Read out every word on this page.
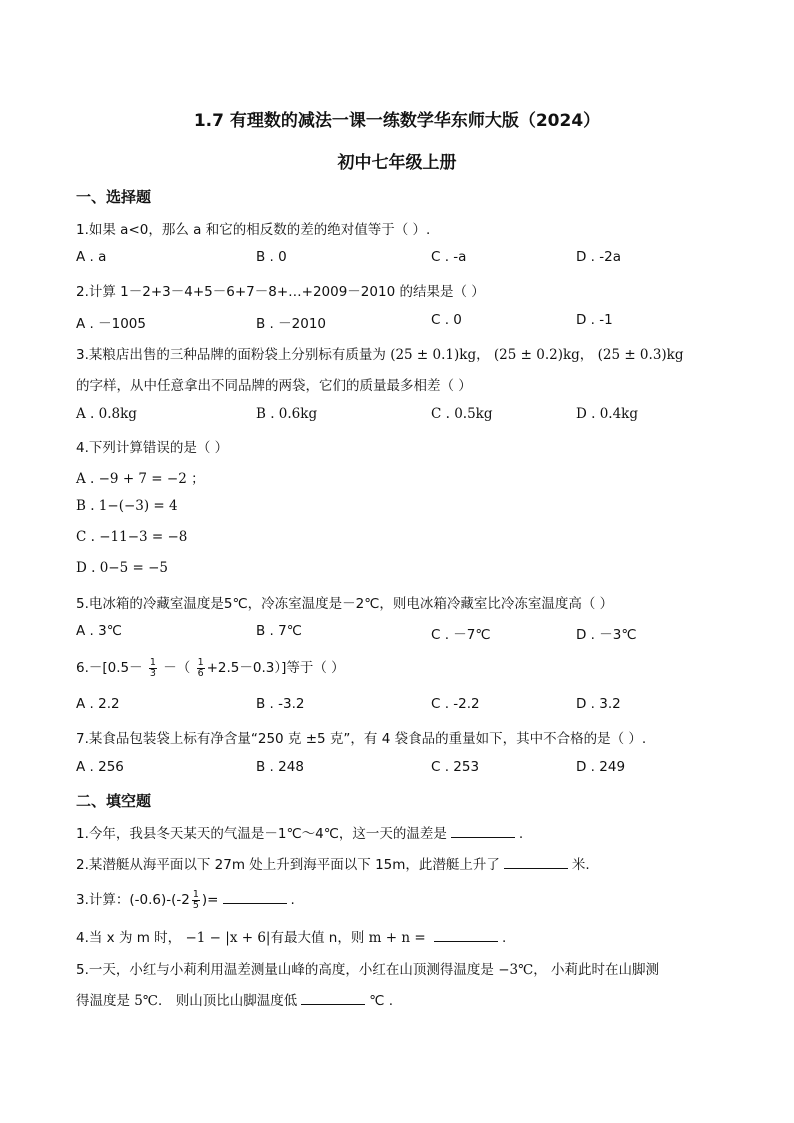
1.7 有理数的减法一课一练数学华东师大版（2024）
初中七年级上册
一、选择题
1.如果 a<0，那么 a 和它的相反数的差的绝对值等于（ ）.
A . a	B . 0	C . -a	D . -2a
2.计算 1－2+3－4+5－6+7－8+…+2009－2010 的结果是（ ）
A . －1005	B . －2010	C . 0	D . -1
3.某粮店出售的三种品牌的面粉袋上分别标有质量为 (25 ± 0.1)kg， (25 ± 0.2)kg， (25 ± 0.3)kg
的字样，从中任意拿出不同品牌的两袋，它们的质量最多相差（ ）
A . 0.8kg	B . 0.6kg	C . 0.5kg	D . 0.4kg
4.下列计算错误的是（ ）
A . −9 + 7 = −2 ；
B . 1−(−3) = 4
C . −11−3 = −8
D . 0−5 = −5
5.电冰箱的冷藏室温度是5℃，冷冻室温度是－2℃，则电冰箱冷藏室比冷冻室温度高（ ）
A . 3℃	B . 7℃	C . －7℃	D . －3℃
$6.-[0.5- \frac{1}{3}$ －（ $\frac{1}{6} +2.5-0.3$）]等于（ ）
A . 2.2	B . -3.2	C . -2.2	D . 3.2
7.某食品包装袋上标有净含量“250 克 ±5 克”，有 4 袋食品的重量如下，其中不合格的是（ ）.
A . 256	B . 248	C . 253	D . 249
二、填空题
1.今年，我县冬天某天的气温是－1℃～4℃，这一天的温差是	.
2.某潜艇从海平面以下 27m 处上升到海平面以下 15m，此潜艇上升了	米.
3.计算：$(-0.6)-(-2 \frac{1}{5}$ )=	.
4.当 x 为 m 时， −1 − |x + 6|有最大值 n，则 m + n =	.
5.一天，小红与小莉利用温差测量山峰的高度，小红在山顶测得温度是 −3℃， 小莉此时在山脚测
得温度是 5℃． 则山顶比山脚温度低	℃ .
